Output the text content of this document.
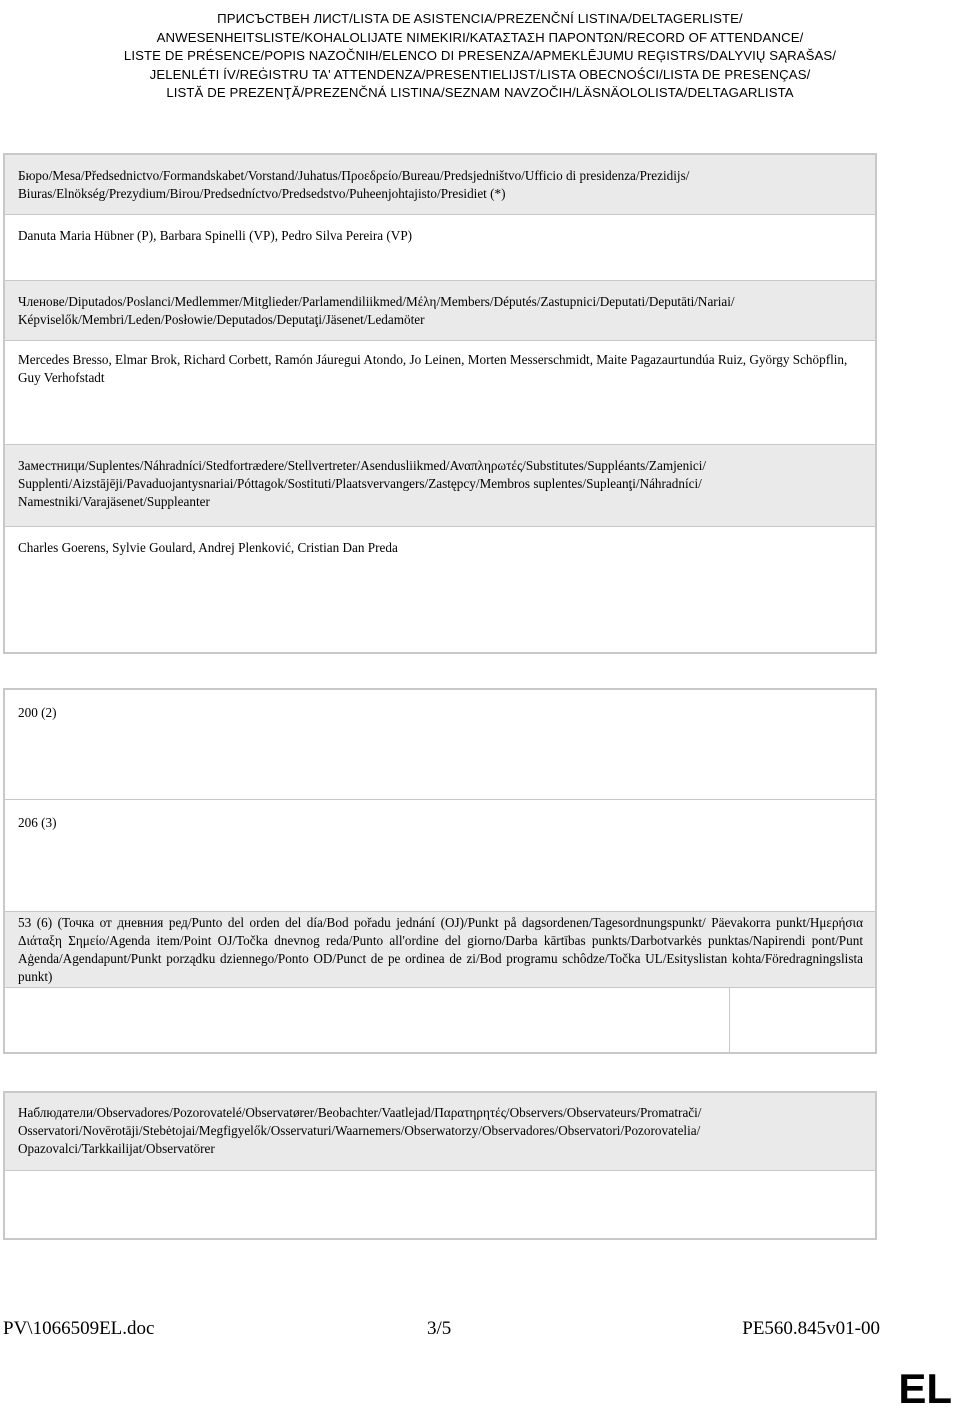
ПРИСЪСТВЕН ЛИСТ/LISTA DE ASISTENCIA/PREZENČNÍ LISTINA/DELTAGERLISTE/
ANWESENHEITSLISTE/KOHALOLIJATE NIMEKIRI/ΚΑΤΑΣΤΑΣΗ ΠΑΡΟΝΤΩΝ/RECORD OF ATTENDANCE/
LISTE DE PRÉSENCE/POPIS NAZOČNIH/ELENCO DI PRESENZA/APMEKLĒJUMU REĢISTRS/DALYVIŲ SĄRAŠAS/
JELENLÉTI ÍV/REĠISTRU TA' ATTENDENZA/PRESENTIELIJST/LISTA OBECNOŚCI/LISTA DE PRESENÇAS/
LISTĂ DE PREZENŢĂ/PREZENČNÁ LISTINA/SEZNAM NAVZOČIH/LÄSNÄOLOLISTA/DELTAGARLISTA
Бюро/Mesa/Předsednictvo/Formandskabet/Vorstand/Juhatus/Προεδρείο/Bureau/Predsjedništvo/Ufficio di presidenza/Prezidijs/ Biuras/Elnökség/Prezydium/Birou/Predsedníctvo/Predsedstvo/Puheenjohtajisto/Presidiet (*)
Danuta Maria Hübner (P), Barbara Spinelli (VP), Pedro Silva Pereira (VP)
Членове/Diputados/Poslanci/Medlemmer/Mitglieder/Parlamendiliikmed/Μέλη/Members/Députés/Zastupnici/Deputati/Deputāti/Nariai/ Képviselők/Membri/Leden/Posłowie/Deputados/Deputaţi/Jäsenet/Ledamöter
Mercedes Bresso, Elmar Brok, Richard Corbett, Ramón Jáuregui Atondo, Jo Leinen, Morten Messerschmidt, Maite Pagazaurtundúa Ruiz, György Schöpflin, Guy Verhofstadt
Заместници/Suplentes/Náhradníci/Stedfortrædere/Stellvertreter/Asendusliikmed/Αναπληρωτές/Substitutes/Suppléants/Zamjenici/ Supplenti/Aizstājēji/Pavaduojantysnariai/Póttagok/Sostituti/Plaatsvervangers/Zastępcy/Membros suplentes/Supleanţi/Náhradníci/ Namestniki/Varajäsenet/Suppleanter
Charles Goerens, Sylvie Goulard, Andrej Plenković, Cristian Dan Preda
200 (2)
206 (3)
53 (6) (Точка от дневния ред/Punto del orden del día/Bod pořadu jednání (OJ)/Punkt på dagsordenen/Tagesordnungspunkt/ Päevakorra punkt/Ημερήσια Διάταξη Σημείο/Agenda item/Point OJ/Točka dnevnog reda/Punto all'ordine del giorno/Darba kārtības punkts/Darbotvarkės punktas/Napirendi pont/Punt Aġenda/Agendapunt/Punkt porządku dziennego/Ponto OD/Punct de pe ordinea de zi/Bod programu schôdze/Točka UL/Esityslistan kohta/Föredragningslista punkt)
Наблюдатели/Observadores/Pozorovatelé/Observatører/Beobachter/Vaatlejad/Παρατηρητές/Observers/Observateurs/Promatrači/ Osservatori/Novērotāji/Stebėtojai/Megfigyelők/Osservaturi/Waarnemers/Obserwatorzy/Observadores/Observatori/Pozorovatelia/ Opazovalci/Tarkkailijat/Observatörer
PV\1066509EL.doc	3/5	PE560.845v01-00
EL
